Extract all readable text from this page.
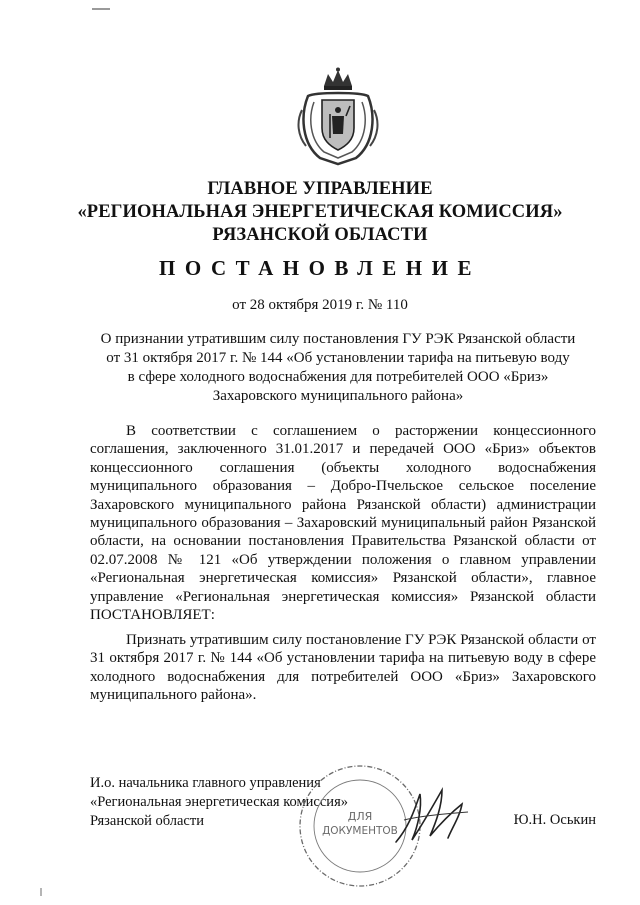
ГЛАВНОЕ УПРАВЛЕНИЕ
«РЕГИОНАЛЬНАЯ ЭНЕРГЕТИЧЕСКАЯ КОМИССИЯ»
РЯЗАНСКОЙ ОБЛАСТИ
ПОСТАНОВЛЕНИЕ
от 28 октября 2019 г. № 110
О признании утратившим силу постановления ГУ РЭК Рязанской области
от 31 октября 2017 г. № 144 «Об установлении тарифа на питьевую воду
в сфере холодного водоснабжения для потребителей ООО «Бриз»
Захаровского муниципального района»
В соответствии с соглашением о расторжении концессионного соглашения, заключенного 31.01.2017 и передачей ООО «Бриз» объектов концессионного соглашения (объекты холодного водоснабжения муниципального образования – Добро-Пчельское сельское поселение Захаровского муниципального района Рязанской области) администрации муниципального образования – Захаровский муниципальный район Рязанской области, на основании постановления Правительства Рязанской области от 02.07.2008 № 121 «Об утверждении положения о главном управлении «Региональная энергетическая комиссия» Рязанской области», главное управление «Региональная энергетическая комиссия» Рязанской области ПОСТАНОВЛЯЕТ:
Признать утратившим силу постановление ГУ РЭК Рязанской области от 31 октября 2017 г. № 144 «Об установлении тарифа на питьевую воду в сфере холодного водоснабжения для потребителей ООО «Бриз» Захаровского муниципального района».
И.о. начальника главного управления
«Региональная энергетическая комиссия»
Рязанской области	Ю.Н. Оськин
ДЛЯ
ДОКУМЕНТОВ
